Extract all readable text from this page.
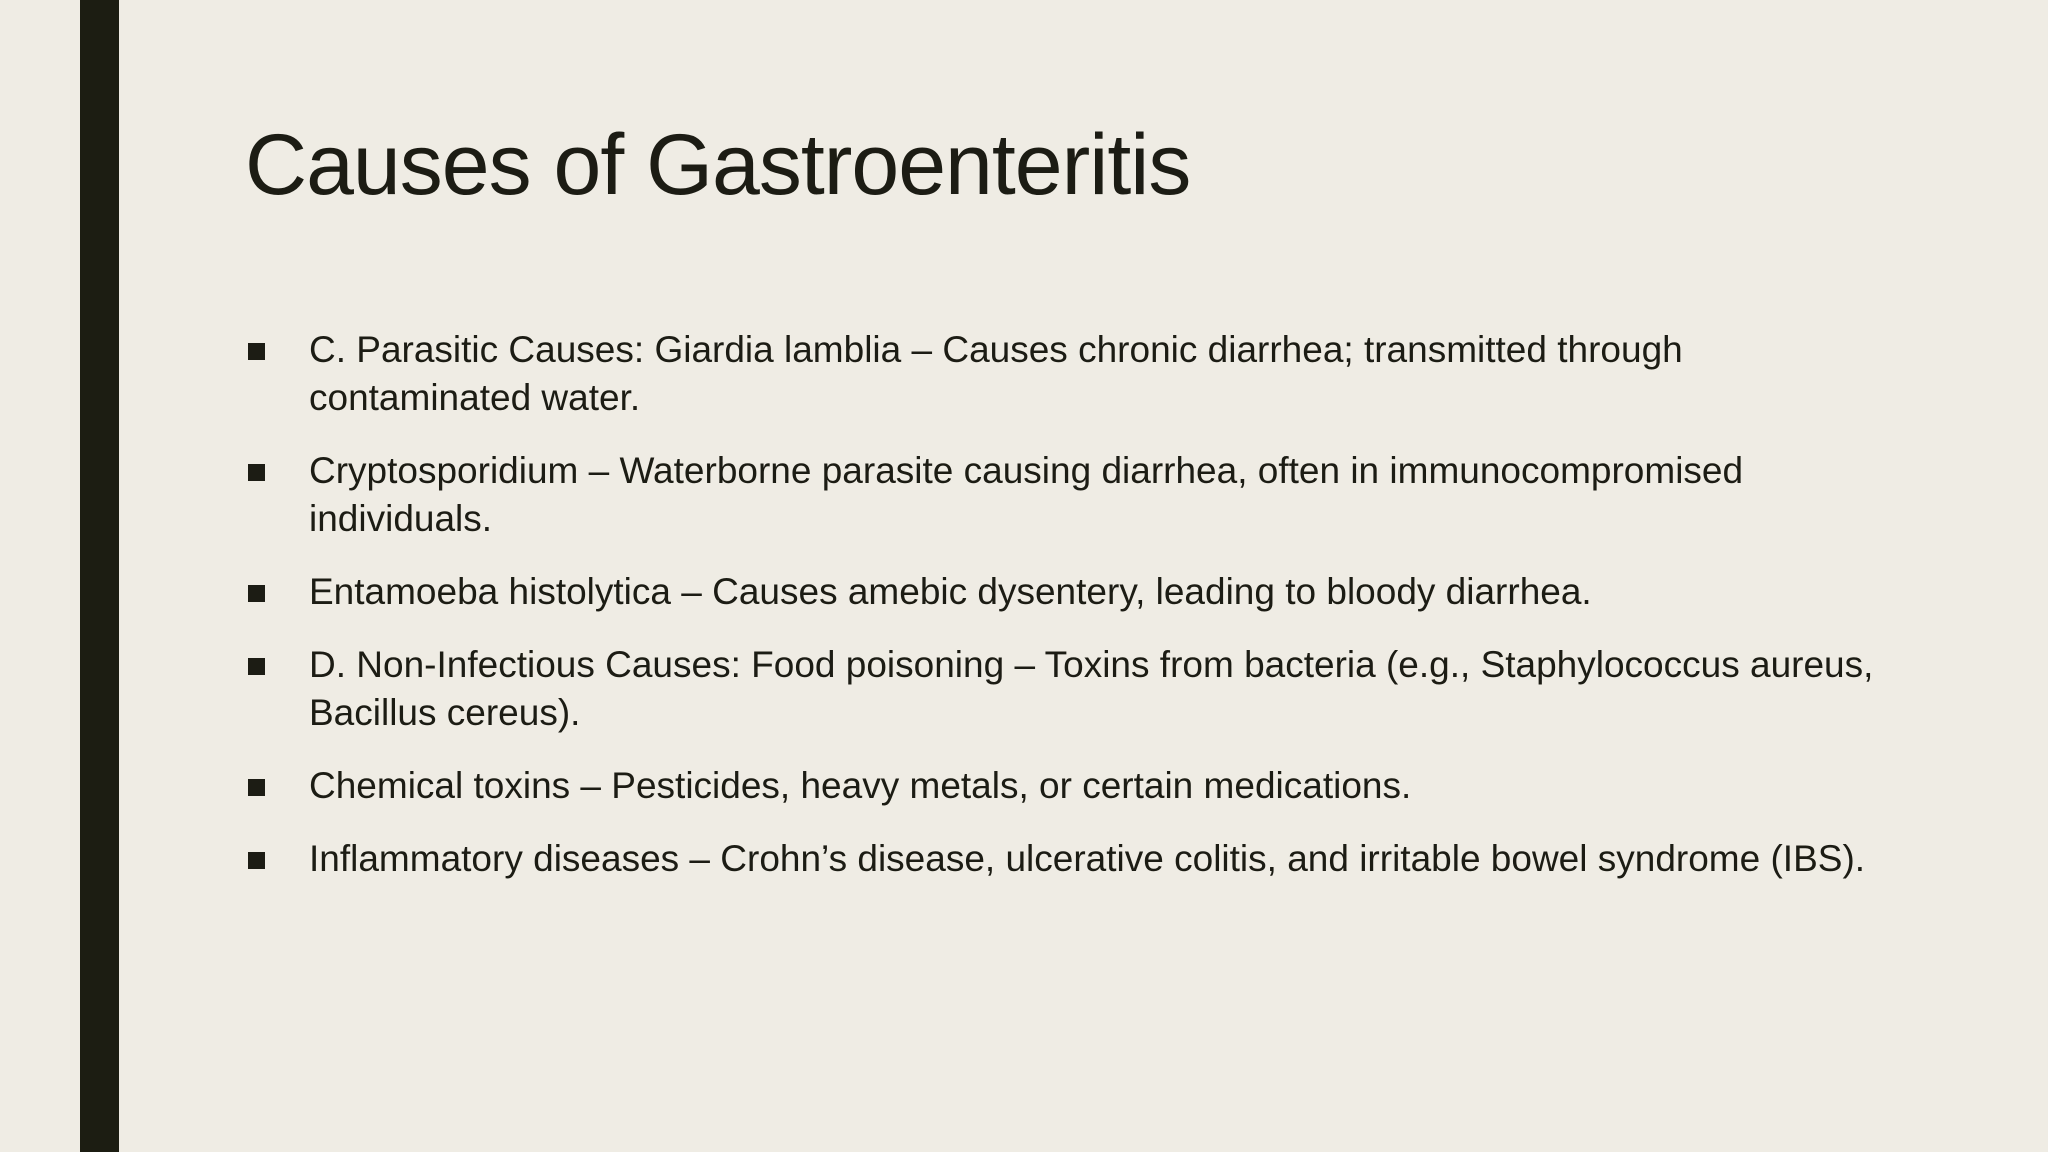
Causes of Gastroenteritis
C. Parasitic Causes: Giardia lamblia – Causes chronic diarrhea; transmitted through contaminated water.
Cryptosporidium – Waterborne parasite causing diarrhea, often in immunocompromised individuals.
Entamoeba histolytica – Causes amebic dysentery, leading to bloody diarrhea.
D. Non-Infectious Causes: Food poisoning – Toxins from bacteria (e.g., Staphylococcus aureus, Bacillus cereus).
Chemical toxins – Pesticides, heavy metals, or certain medications.
Inflammatory diseases – Crohn’s disease, ulcerative colitis, and irritable bowel syndrome (IBS).
